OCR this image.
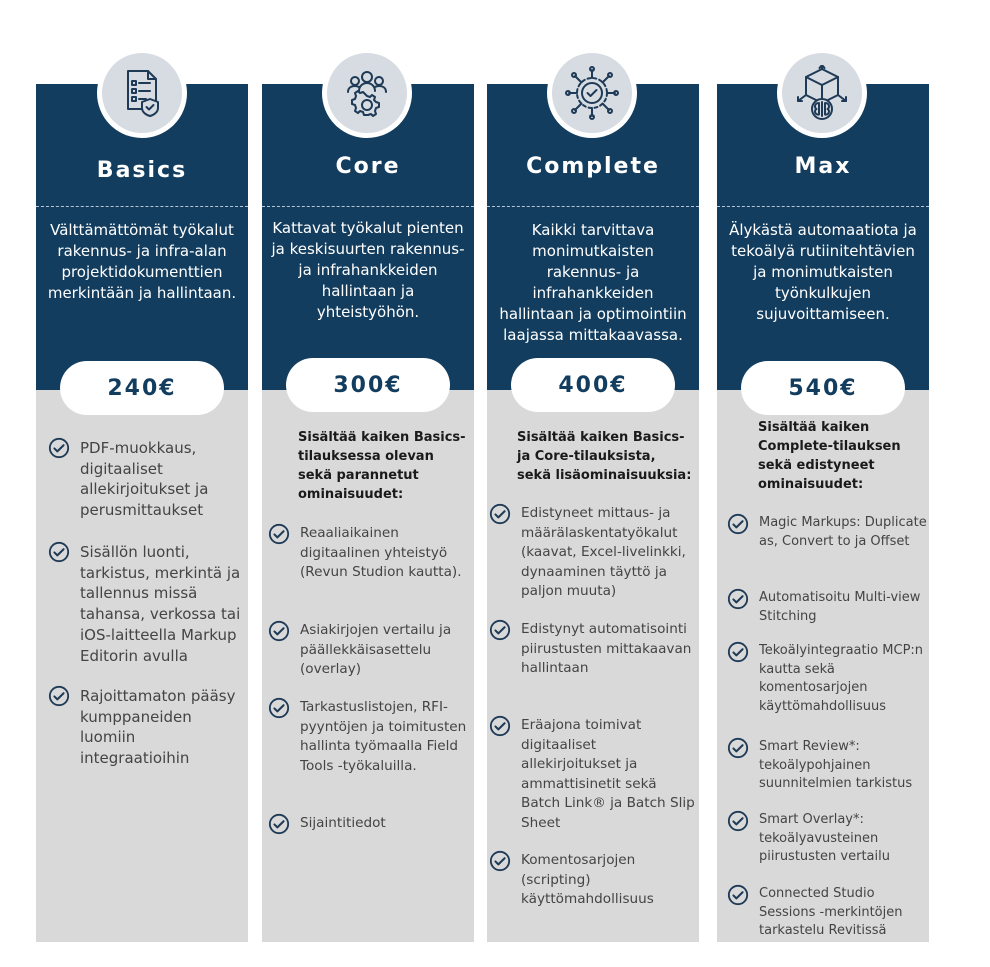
Basics
Välttämättömät työkalut rakennus- ja infra-alan projektidokumenttien merkintään ja hallintaan.
240€
PDF-muokkaus, digitaaliset allekirjoitukset ja perusmittaukset
Sisällön luonti, tarkistus, merkintä ja tallennus missä tahansa, verkossa tai iOS-laitteella Markup Editorin avulla
Rajoittamaton pääsy kumppaneiden luomiin integraatioihin
Core
Kattavat työkalut pienten ja keskisuurten rakennus- ja infrahankkeiden hallintaan ja yhteistyöhön.
300€
Sisältää kaiken Basics-tilauksessa olevan sekä parannetut ominaisuudet:
Reaaliaikainen digitaalinen yhteistyö (Revun Studion kautta).
Asiakirjojen vertailu ja päällekkäisasettelu (overlay)
Tarkastuslistojen, RFI-pyyntöjen ja toimitusten hallinta työmaalla Field Tools -työkaluilla.
Sijaintitiedot
Complete
Kaikki tarvittava monimutkaisten rakennus- ja infrahankkeiden hallintaan ja optimointiin laajassa mittakaavassa.
400€
Sisältää kaiken Basics- ja Core-tilauksista, sekä lisäominaisuuksia:
Edistyneet mittaus- ja määrälaskentatyökalut (kaavat, Excel-livelinkki, dynaaminen täyttö ja paljon muuta)
Edistynyt automatisointi piirustusten mittakaavan hallintaan
Eräajona toimivat digitaaliset allekirjoitukset ja ammattisinetit sekä Batch Link® ja Batch Slip Sheet
Komentosarjojen (scripting) käyttömahdollisuus
Max
Älykästä automaatiota ja tekoälyä rutiinitehtävien ja monimutkaisten työnkulkujen sujuvoittamiseen.
540€
Sisältää kaiken Complete-tilauksen sekä edistyneet ominaisuudet:
Magic Markups: Duplicate as, Convert to ja Offset
Automatisoitu Multi-view Stitching
Tekoälyintegraatio MCP:n kautta sekä komentosarjojen käyttömahdollisuus
Smart Review*: tekoälypohjainen suunnitelmien tarkistus
Smart Overlay*: tekoälyavusteinen piirustusten vertailu
Connected Studio Sessions -merkintöjen tarkastelu Revitissä
